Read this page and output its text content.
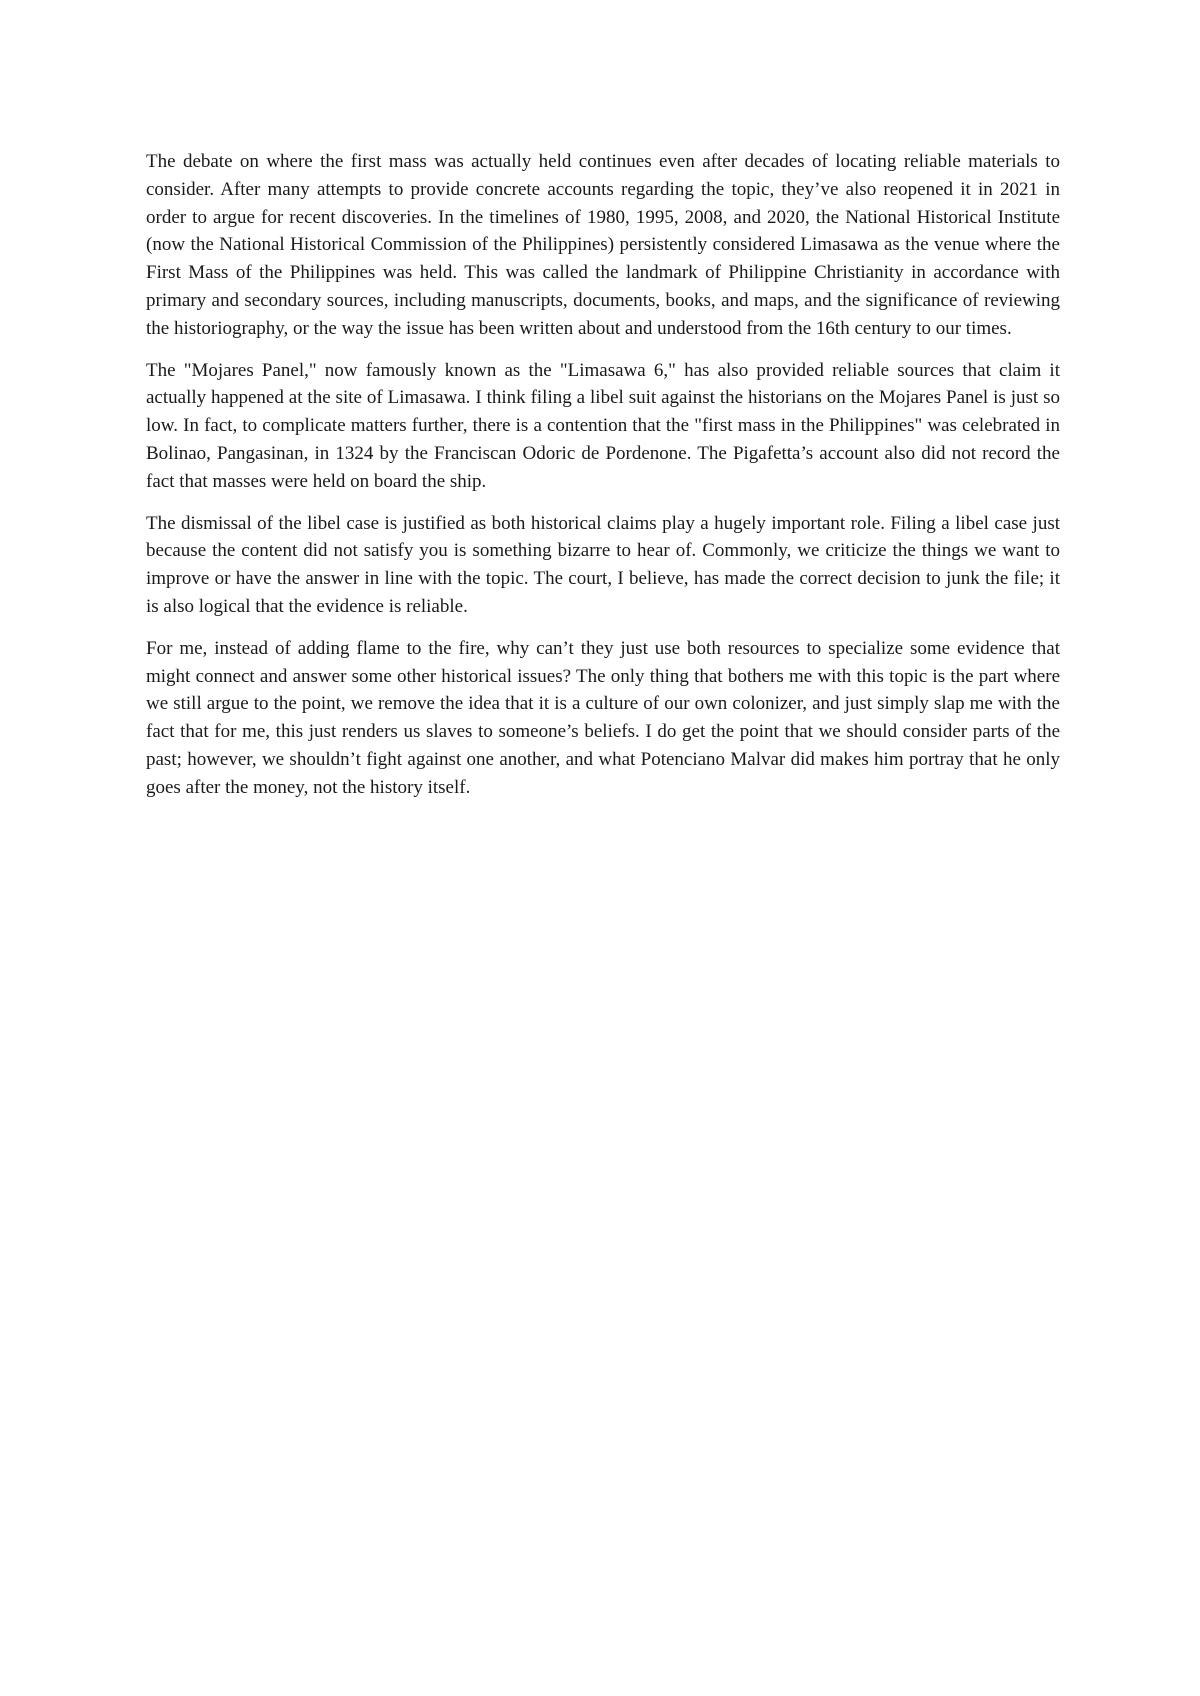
The debate on where the first mass was actually held continues even after decades of locating reliable materials to consider. After many attempts to provide concrete accounts regarding the topic, they’ve also reopened it in 2021 in order to argue for recent discoveries. In the timelines of 1980, 1995, 2008, and 2020, the National Historical Institute (now the National Historical Commission of the Philippines) persistently considered Limasawa as the venue where the First Mass of the Philippines was held. This was called the landmark of Philippine Christianity in accordance with primary and secondary sources, including manuscripts, documents, books, and maps, and the significance of reviewing the historiography, or the way the issue has been written about and understood from the 16th century to our times.

The "Mojares Panel," now famously known as the "Limasawa 6," has also provided reliable sources that claim it actually happened at the site of Limasawa. I think filing a libel suit against the historians on the Mojares Panel is just so low. In fact, to complicate matters further, there is a contention that the "first mass in the Philippines" was celebrated in Bolinao, Pangasinan, in 1324 by the Franciscan Odoric de Pordenone. The Pigafetta’s account also did not record the fact that masses were held on board the ship.

The dismissal of the libel case is justified as both historical claims play a hugely important role. Filing a libel case just because the content did not satisfy you is something bizarre to hear of. Commonly, we criticize the things we want to improve or have the answer in line with the topic. The court, I believe, has made the correct decision to junk the file; it is also logical that the evidence is reliable.

For me, instead of adding flame to the fire, why can’t they just use both resources to specialize some evidence that might connect and answer some other historical issues? The only thing that bothers me with this topic is the part where we still argue to the point, we remove the idea that it is a culture of our own colonizer, and just simply slap me with the fact that for me, this just renders us slaves to someone’s beliefs. I do get the point that we should consider parts of the past; however, we shouldn’t fight against one another, and what Potenciano Malvar did makes him portray that he only goes after the money, not the history itself.
